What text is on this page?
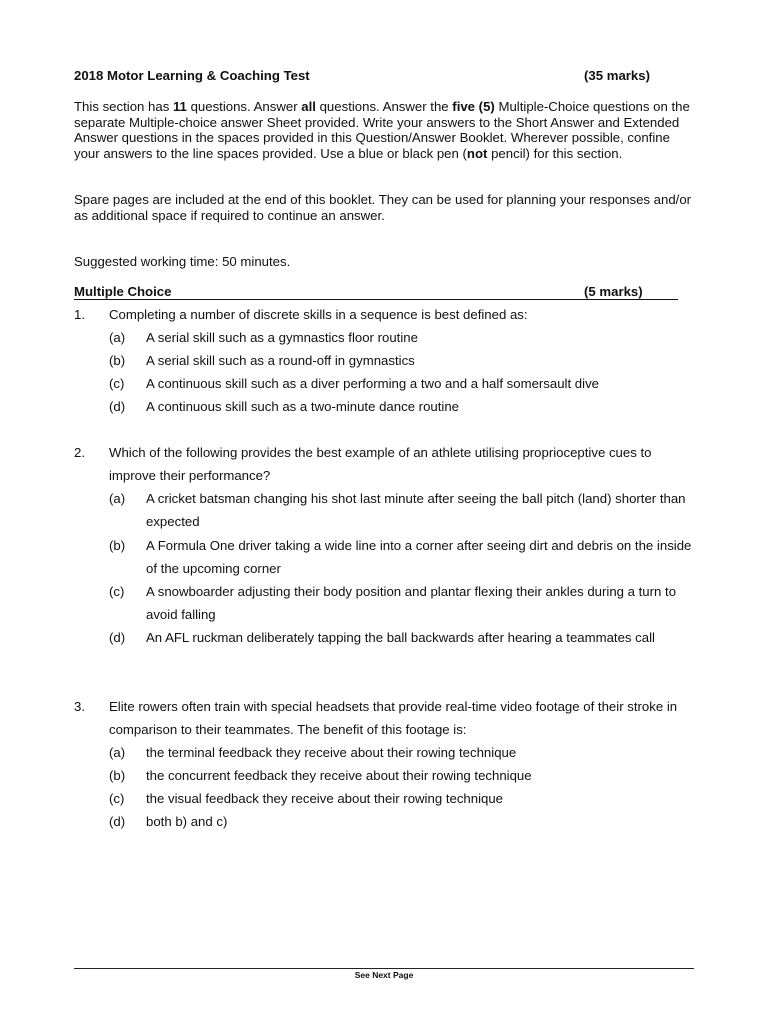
2018 Motor Learning & Coaching Test	(35 marks)

This section has 11 questions. Answer all questions. Answer the five (5) Multiple-Choice questions on the separate Multiple-choice answer Sheet provided. Write your answers to the Short Answer and Extended Answer questions in the spaces provided in this Question/Answer Booklet. Wherever possible, confine your answers to the line spaces provided. Use a blue or black pen (not pencil) for this section.

Spare pages are included at the end of this booklet. They can be used for planning your responses and/or as additional space if required to continue an answer.

Suggested working time: 50 minutes.
Multiple Choice	(5 marks)
1. Completing a number of discrete skills in a sequence is best defined as:
(a) A serial skill such as a gymnastics floor routine
(b) A serial skill such as a round-off in gymnastics
(c) A continuous skill such as a diver performing a two and a half somersault dive
(d) A continuous skill such as a two-minute dance routine
2. Which of the following provides the best example of an athlete utilising proprioceptive cues to improve their performance?
(a) A cricket batsman changing his shot last minute after seeing the ball pitch (land) shorter than expected
(b) A Formula One driver taking a wide line into a corner after seeing dirt and debris on the inside of the upcoming corner
(c) A snowboarder adjusting their body position and plantar flexing their ankles during a turn to avoid falling
(d) An AFL ruckman deliberately tapping the ball backwards after hearing a teammates call
3. Elite rowers often train with special headsets that provide real-time video footage of their stroke in comparison to their teammates. The benefit of this footage is:
(a) the terminal feedback they receive about their rowing technique
(b) the concurrent feedback they receive about their rowing technique
(c) the visual feedback they receive about their rowing technique
(d) both b) and c)
See Next Page
